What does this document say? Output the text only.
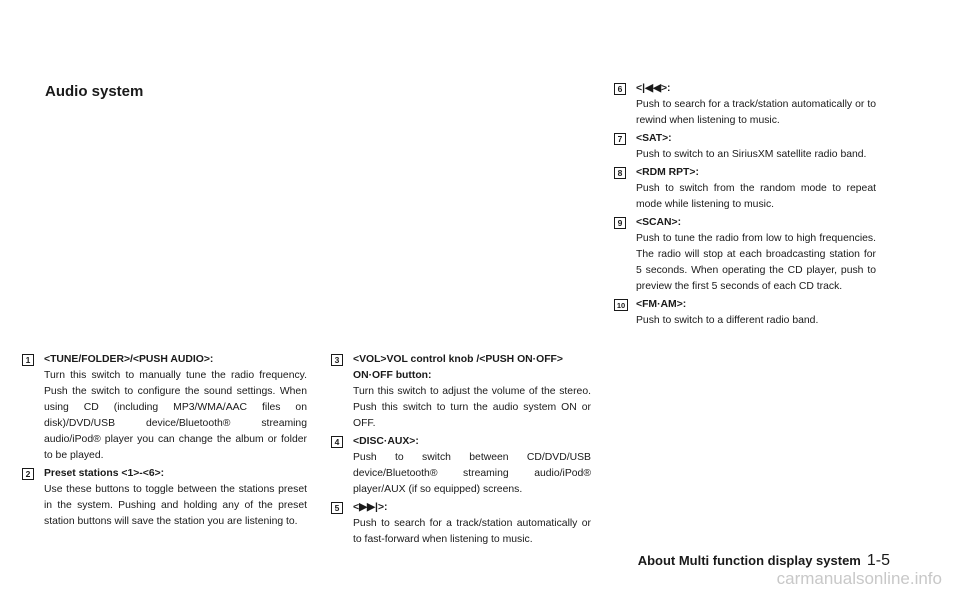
Audio system
1	<TUNE/FOLDER>/<PUSH AUDIO>:
Turn this switch to manually tune the radio frequency. Push the switch to configure the sound settings. When using CD (including MP3/WMA/AAC files on disk)/DVD/USB device/Bluetooth® streaming audio/iPod® player you can change the album or folder to be played.
2	Preset stations <1>-<6>:
Use these buttons to toggle between the stations preset in the system. Pushing and holding any of the preset station buttons will save the station you are listening to.
3	<VOL>VOL control knob /<PUSH ON·OFF> ON·OFF button:
Turn this switch to adjust the volume of the stereo. Push this switch to turn the audio system ON or OFF.
4	<DISC·AUX>:
Push to switch between CD/DVD/USB device/Bluetooth® streaming audio/iPod® player/AUX (if so equipped) screens.
5	<▶▶|>:
Push to search for a track/station automatically or to fast-forward when listening to music.
6	<|◀◀>:
Push to search for a track/station automatically or to rewind when listening to music.
7	<SAT>:
Push to switch to an SiriusXM satellite radio band.
8	<RDM RPT>:
Push to switch from the random mode to repeat mode while listening to music.
9	<SCAN>:
Push to tune the radio from low to high frequencies. The radio will stop at each broadcasting station for 5 seconds. When operating the CD player, push to preview the first 5 seconds of each CD track.
10 <FM·AM>:
Push to switch to a different radio band.
About Multi function display system 1-5
carmanualsonline.info
